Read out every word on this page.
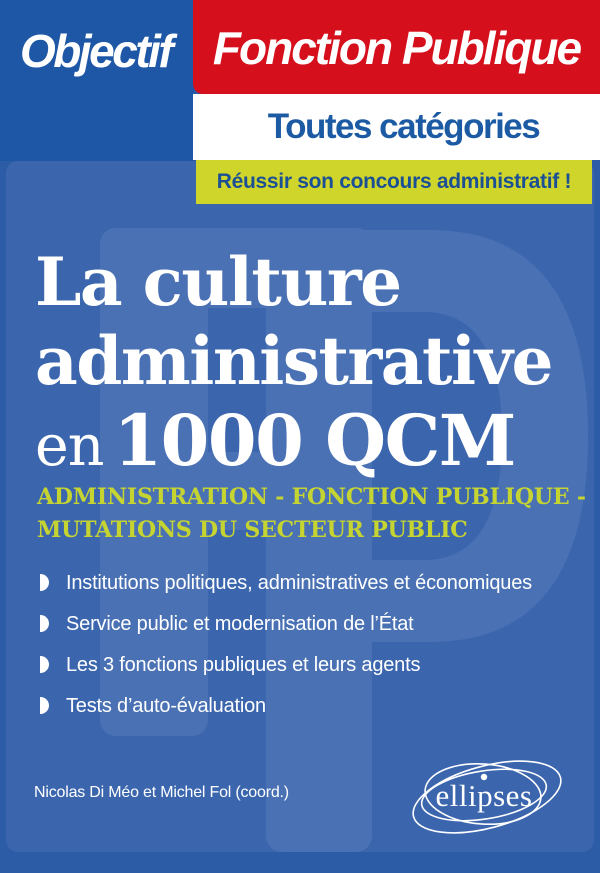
Objectif Fonction Publique
Toutes catégories
Réussir son concours administratif !
La culture
administrative
en 1000 QCM
ADMINISTRATION - FONCTION PUBLIQUE -
MUTATIONS DU SECTEUR PUBLIC
Institutions politiques, administratives et économiques
Service public et modernisation de l’État
Les 3 fonctions publiques et leurs agents
Tests d’auto-évaluation
Nicolas Di Méo et Michel Fol (coord.)	ellipses
